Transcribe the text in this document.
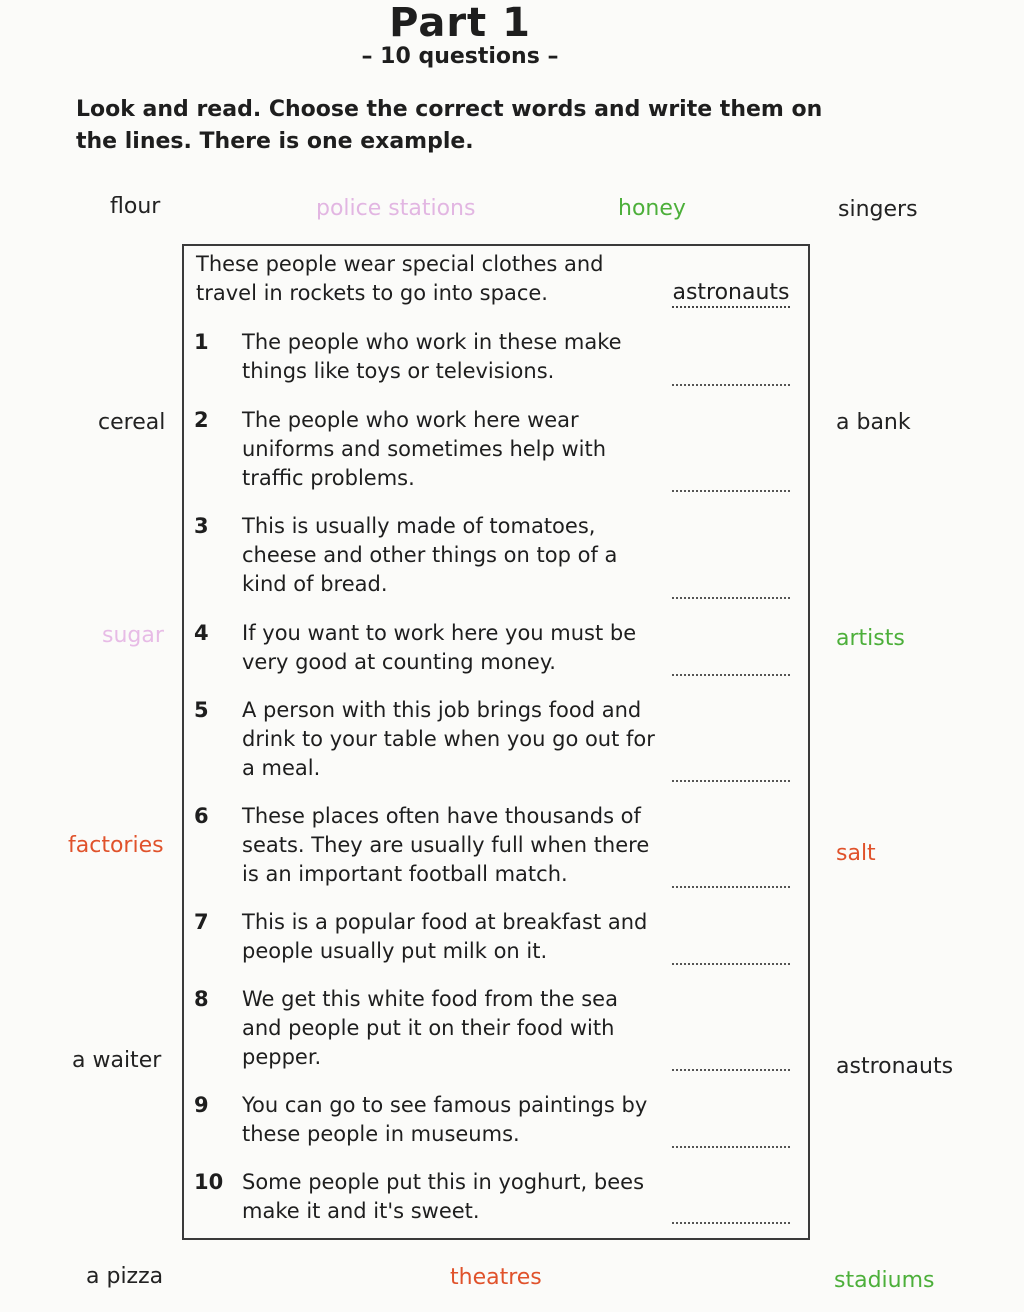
Part 1
– 10 questions –
Look and read. Choose the correct words and write them on the lines. There is one example.
flour	police stations	honey	singers
cereal	a bank
sugar	artists
factories	salt
a waiter	astronauts
a pizza	theatres	stadiums
These people wear special clothes and travel in rockets to go into space.	astronauts
1	The people who work in these make things like toys or televisions.
2	The people who work here wear uniforms and sometimes help with traffic problems.
3	This is usually made of tomatoes, cheese and other things on top of a kind of bread.
4	If you want to work here you must be very good at counting money.
5	A person with this job brings food and drink to your table when you go out for a meal.
6	These places often have thousands of seats. They are usually full when there is an important football match.
7	This is a popular food at breakfast and people usually put milk on it.
8	We get this white food from the sea and people put it on their food with pepper.
9	You can go to see famous paintings by these people in museums.
10 Some people put this in yoghurt, bees make it and it's sweet.
